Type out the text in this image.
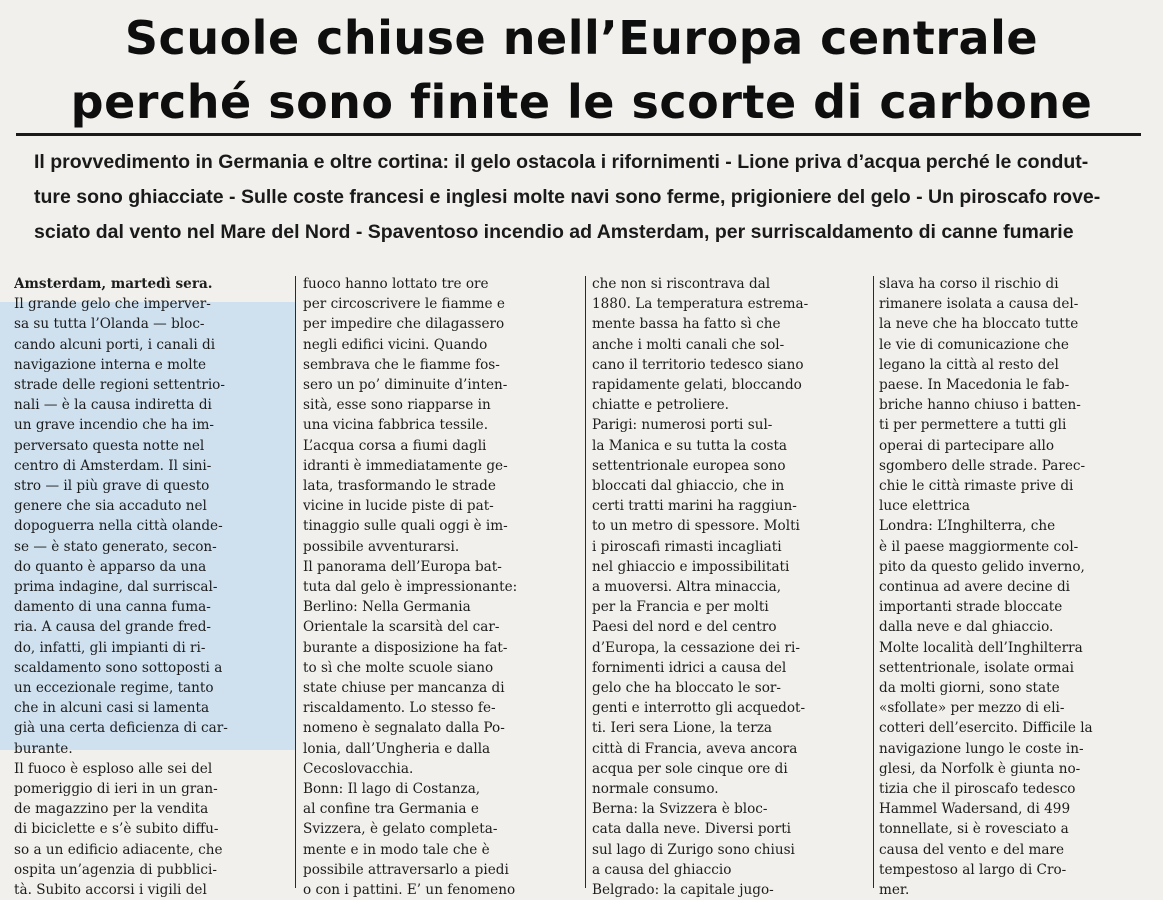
Scuole chiuse nell’Europa centrale
perché sono finite le scorte di carbone
Il provvedimento in Germania e oltre cortina: il gelo ostacola i rifornimenti - Lione priva d’acqua perché le condut-
ture sono ghiacciate - Sulle coste francesi e inglesi molte navi sono ferme, prigioniere del gelo - Un piroscafo rove-
sciato dal vento nel Mare del Nord - Spaventoso incendio ad Amsterdam, per surriscaldamento di canne fumarie
Amsterdam, martedì sera.
Il grande gelo che imperver-
sa su tutta l’Olanda — bloc-
cando alcuni porti, i canali di
navigazione interna e molte
strade delle regioni settentrio-
nali — è la causa indiretta di
un grave incendio che ha im-
perversato questa notte nel
centro di Amsterdam. Il sini-
stro — il più grave di questo
genere che sia accaduto nel
dopoguerra nella città olande-
se — è stato generato, secon-
do quanto è apparso da una
prima indagine, dal surriscal-
damento di una canna fuma-
ria. A causa del grande fred-
do, infatti, gli impianti di ri-
scaldamento sono sottoposti a
un eccezionale regime, tanto
che in alcuni casi si lamenta
già una certa deficienza di car-
burante.
Il fuoco è esploso alle sei del
pomeriggio di ieri in un gran-
de magazzino per la vendita
di biciclette e s’è subito diffu-
so a un edificio adiacente, che
ospita un’agenzia di pubblici-
tà. Subito accorsi i vigili del
fuoco hanno lottato tre ore
per circoscrivere le fiamme e
per impedire che dilagassero
negli edifici vicini. Quando
sembrava che le fiamme fos-
sero un po’ diminuite d’inten-
sità, esse sono riapparse in
una vicina fabbrica tessile.
L’acqua corsa a fiumi dagli
idranti è immediatamente ge-
lata, trasformando le strade
vicine in lucide piste di pat-
tinaggio sulle quali oggi è im-
possibile avventurarsi.
Il panorama dell’Europa bat-
tuta dal gelo è impressionante:
Berlino: Nella Germania
Orientale la scarsità del car-
burante a disposizione ha fat-
to sì che molte scuole siano
state chiuse per mancanza di
riscaldamento. Lo stesso fe-
nomeno è segnalato dalla Po-
lonia, dall’Ungheria e dalla
Cecoslovacchia.
Bonn: Il lago di Costanza,
al confine tra Germania e
Svizzera, è gelato completa-
mente e in modo tale che è
possibile attraversarlo a piedi
o con i pattini. E’ un fenomeno
che non si riscontrava dal
1880. La temperatura estrema-
mente bassa ha fatto sì che
anche i molti canali che sol-
cano il territorio tedesco siano
rapidamente gelati, bloccando
chiatte e petroliere.
Parigi: numerosi porti sul-
la Manica e su tutta la costa
settentrionale europea sono
bloccati dal ghiaccio, che in
certi tratti marini ha raggiun-
to un metro di spessore. Molti
i piroscafi rimasti incagliati
nel ghiaccio e impossibilitati
a muoversi. Altra minaccia,
per la Francia e per molti
Paesi del nord e del centro
d’Europa, la cessazione dei ri-
fornimenti idrici a causa del
gelo che ha bloccato le sor-
genti e interrotto gli acquedot-
ti. Ieri sera Lione, la terza
città di Francia, aveva ancora
acqua per sole cinque ore di
normale consumo.
Berna: la Svizzera è bloc-
cata dalla neve. Diversi porti
sul lago di Zurigo sono chiusi
a causa del ghiaccio
Belgrado: la capitale jugo-
slava ha corso il rischio di
rimanere isolata a causa del-
la neve che ha bloccato tutte
le vie di comunicazione che
legano la città al resto del
paese. In Macedonia le fab-
briche hanno chiuso i batten-
ti per permettere a tutti gli
operai di partecipare allo
sgombero delle strade. Parec-
chie le città rimaste prive di
luce elettrica
Londra: L’Inghilterra, che
è il paese maggiormente col-
pito da questo gelido inverno,
continua ad avere decine di
importanti strade bloccate
dalla neve e dal ghiaccio.
Molte località dell’Inghilterra
settentrionale, isolate ormai
da molti giorni, sono state
«sfollate» per mezzo di eli-
cotteri dell’esercito. Difficile la
navigazione lungo le coste in-
glesi, da Norfolk è giunta no-
tizia che il piroscafo tedesco
Hammel Wadersand, di 499
tonnellate, si è rovesciato a
causa del vento e del mare
tempestoso al largo di Cro-
mer.
